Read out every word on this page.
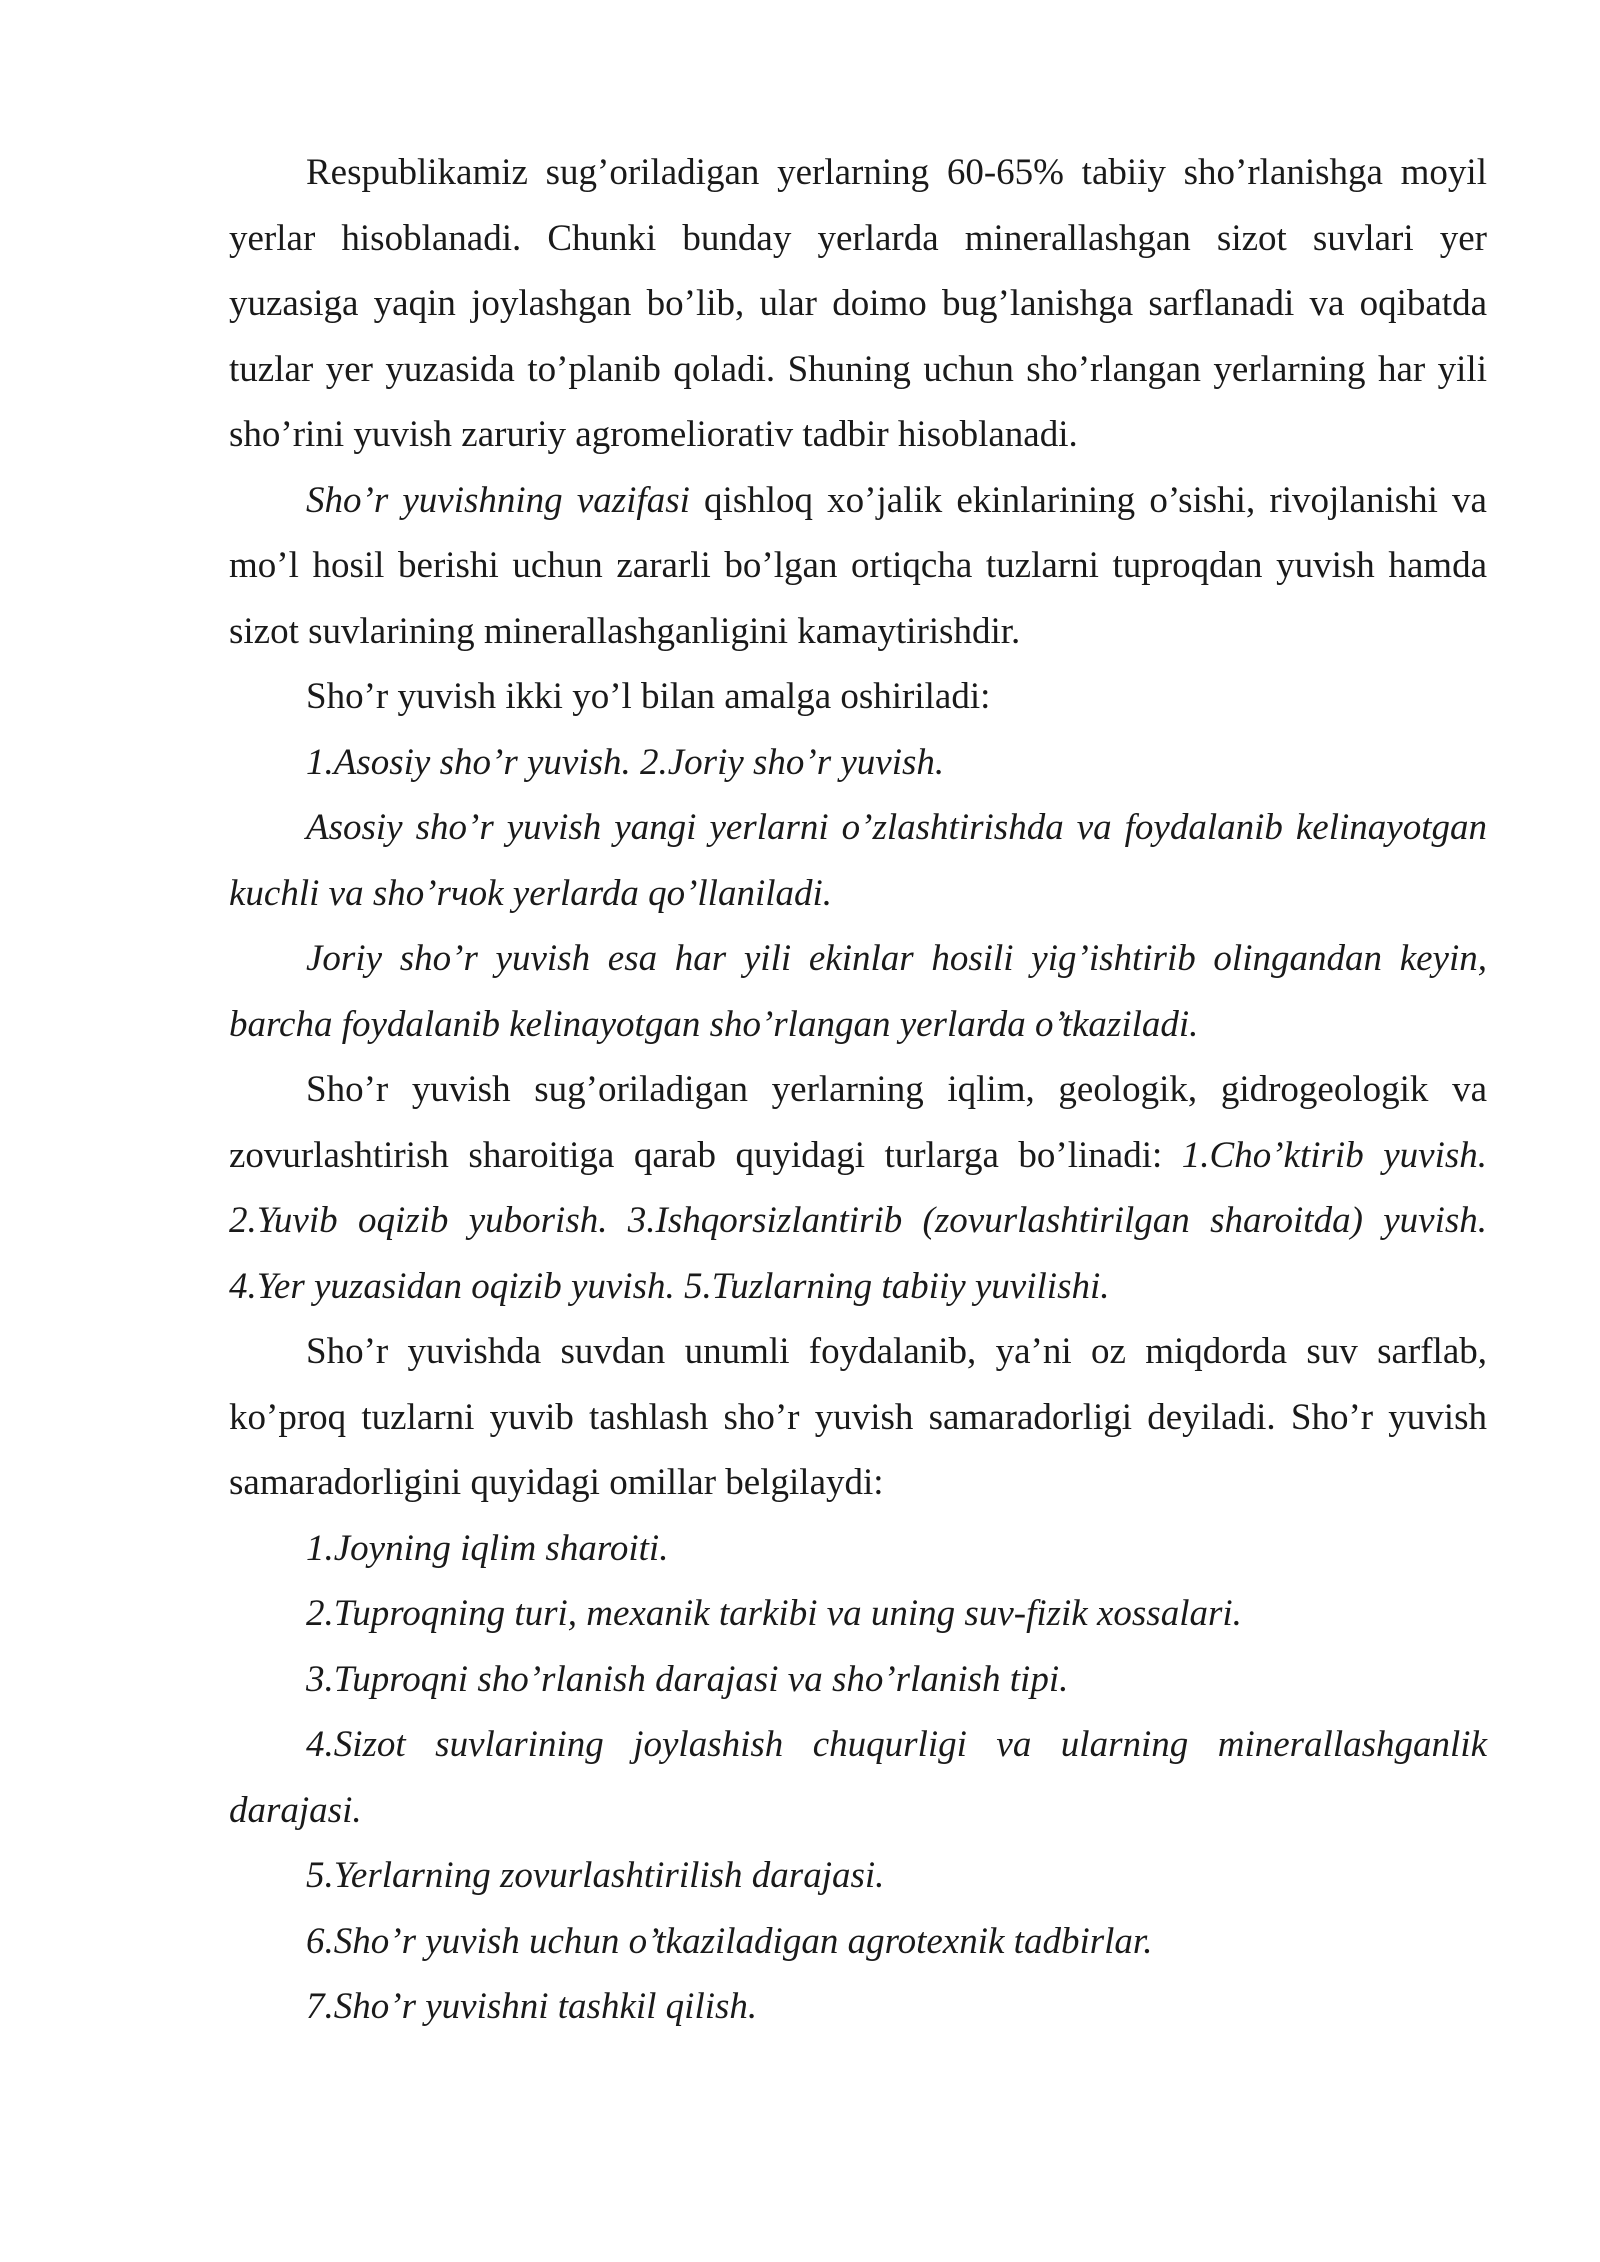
Respublikamiz sug’oriladigan yerlarning 60-65% tabiiy sho’rlanishga moyil yerlar hisoblanadi. Chunki bunday yerlarda minerallashgan sizot suvlari yer yuzasiga yaqin joylashgan bo’lib, ular doimo bug’lanishga sarflanadi va oqibatda tuzlar yer yuzasida to’planib qoladi. Shuning uchun sho’rlangan yerlarning har yili sho’rini yuvish zaruriy agromeliorativ tadbir hisoblanadi.

Sho’r yuvishning vazifasi qishloq xo’jalik ekinlarining o’sishi, rivojlanishi va mo’l hosil berishi uchun zararli bo’lgan ortiqcha tuzlarni tuproqdan yuvish hamda sizot suvlarining minerallashganligini kamaytirishdir.

Sho’r yuvish ikki yo’l bilan amalga oshiriladi:

1.Asosiy sho’r yuvish. 2.Joriy sho’r yuvish.

Asosiy sho’r yuvish yangi yerlarni o’zlashtirishda va foydalanib kelinayotgan kuchli va sho’rчok yerlarda qo’llaniladi.

Joriy sho’r yuvish esa har yili ekinlar hosili yig’ishtirib olingandan keyin, barcha foydalanib kelinayotgan sho’rlangan yerlarda o’tkaziladi.

Sho’r yuvish sug’oriladigan yerlarning iqlim, geologik, gidrogeologik va zovurlashtirish sharoitiga qarab quyidagi turlarga bo’linadi: 1.Cho’ktirib yuvish. 2.Yuvib oqizib yuborish. 3.Ishqorsizlantirib (zovurlashtirilgan sharoitda) yuvish. 4.Yer yuzasidan oqizib yuvish. 5.Tuzlarning tabiiy yuvilishi.

Sho’r yuvishda suvdan unumli foydalanib, ya’ni oz miqdorda suv sarflab, ko’proq tuzlarni yuvib tashlash sho’r yuvish samaradorligi deyiladi. Sho’r yuvish samaradorligini quyidagi omillar belgilaydi:

1.Joyning iqlim sharoiti.

2.Tuproqning turi, mexanik tarkibi va uning suv-fizik xossalari.

3.Tuproqni sho’rlanish darajasi va sho’rlanish tipi.

4.Sizot suvlarining joylashish chuqurligi va ularning minerallashganlik darajasi.

5.Yerlarning zovurlashtirilish darajasi.

6.Sho’r yuvish uchun o’tkaziladigan agrotexnik tadbirlar.

7.Sho’r yuvishni tashkil qilish.
